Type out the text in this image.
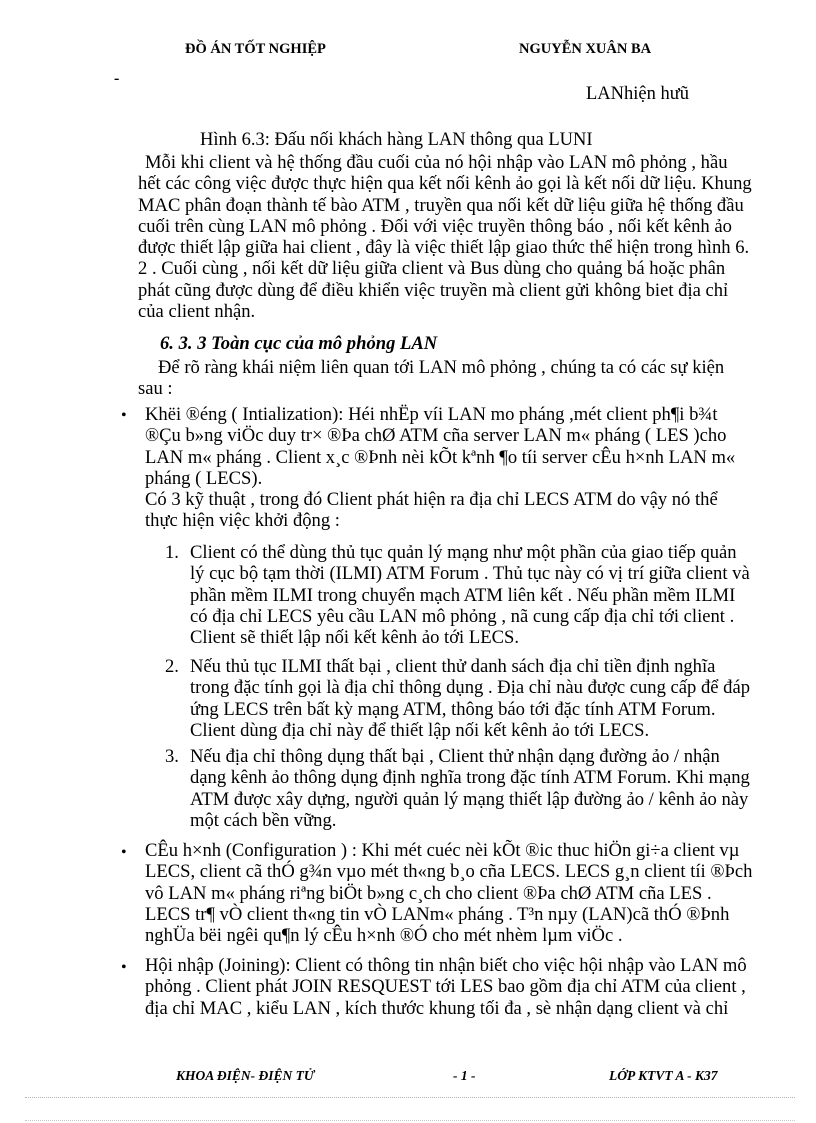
ĐỒ ÁN TỐT NGHIỆP	NGUYỄN XUÂN BA
-
LANhiện hưũ
Hình 6.3: Đấu nối khách hàng LAN thông qua LUNI
Mỗi khi client và hệ thống đầu cuối của nó hội nhập vào LAN mô phỏng , hầu
hết các công việc được thực hiện qua kết nối kênh ảo gọi là kết nối dữ liệu. Khung
MAC phân đoạn thành tế bào ATM , truyền qua nối kết dữ liệu giữa hệ thống đầu
cuối trên cùng LAN mô phỏng . Đối với việc truyền thông báo , nối kết kênh ảo
được thiết lập giữa hai client , đây là việc thiết lập giao thức thể hiện trong hình 6.
2 . Cuối cùng , nối kết dữ liệu giữa client và Bus dùng cho quảng bá hoặc phân
phát cũng được dùng để điều khiển việc truyền mà client gửi không biet địa chỉ
của client nhận.
6. 3. 3 Toàn cục của mô phỏng LAN
Để rõ ràng khái niệm liên quan tới LAN mô phỏng , chúng ta có các sự kiện
sau :
• Khëi ®éng ( Intialization): Héi nhËp víi LAN mo pháng ,mét client ph¶i b¾t
®Çu b»ng viÖc duy tr× ®Þa chØ ATM cña server LAN m« pháng ( LES )cho
LAN m« pháng . Client x¸c ®Þnh nèi kÕt kªnh ¶o tíi server cÊu h×nh LAN m«
pháng ( LECS).
Có 3 kỹ thuật , trong đó Client phát hiện ra địa chỉ LECS ATM do vậy nó thể
thực hiện việc khởi động :
1. Client có thể dùng thủ tục quản lý mạng như một phần của giao tiếp quản
lý cục bộ tạm thời (ILMI) ATM Forum . Thủ tục này có vị trí giữa client và
phần mềm ILMI trong chuyển mạch ATM liên kết . Nếu phần mềm ILMI
có địa chỉ LECS yêu cầu LAN mô phỏng , nã cung cấp địa chỉ tới client .
Client sẽ thiết lập nối kết kênh ảo tới LECS.
2. Nếu thủ tục ILMI thất bại , client thử danh sách địa chỉ tiền định nghĩa
trong đặc tính gọi là địa chỉ thông dụng . Địa chỉ nàu được cung cấp để đáp
ứng LECS trên bất kỳ mạng ATM, thông báo tới đặc tính ATM Forum.
Client dùng địa chỉ này để thiết lập nối kết kênh ảo tới LECS.
3. Nếu địa chỉ thông dụng thất bại , Client thử nhận dạng đường ảo / nhận
dạng kênh ảo thông dụng định nghĩa trong đặc tính ATM Forum. Khi mạng
ATM được xây dựng, người quản lý mạng thiết lập đường ảo / kênh ảo này
một cách bền vững.
• CÊu h×nh (Configuration ) : Khi mét cuéc nèi kÕt ®ic thuc hiÖn gi÷a client vµ
LECS, client cã thÓ g¾n vµo mét th«ng b¸o cña LECS. LECS g¸n client tíi ®Þch
vô LAN m« pháng riªng biÖt b»ng c¸ch cho client ®Þa chØ ATM cña LES .
LECS tr¶ vÒ client th«ng tin vÒ LANm« pháng . T³n nµy (LAN)cã thÓ ®Þnh
nghÜa bëi ngêi qu¶n lý cÊu h×nh ®Ó cho mét nhèm lµm viÖc .
• Hội nhập (Joining): Client có thông tin nhận biết cho việc hội nhập vào LAN mô
phỏng . Client phát JOIN RESQUEST tới LES bao gồm địa chỉ ATM của client ,
địa chỉ MAC , kiểu LAN , kích thước khung tối đa , sè nhận dạng client và chỉ
KHOA ĐIỆN- ĐIỆN TỬ	- 1 -	LỚP KTVT A - K37
